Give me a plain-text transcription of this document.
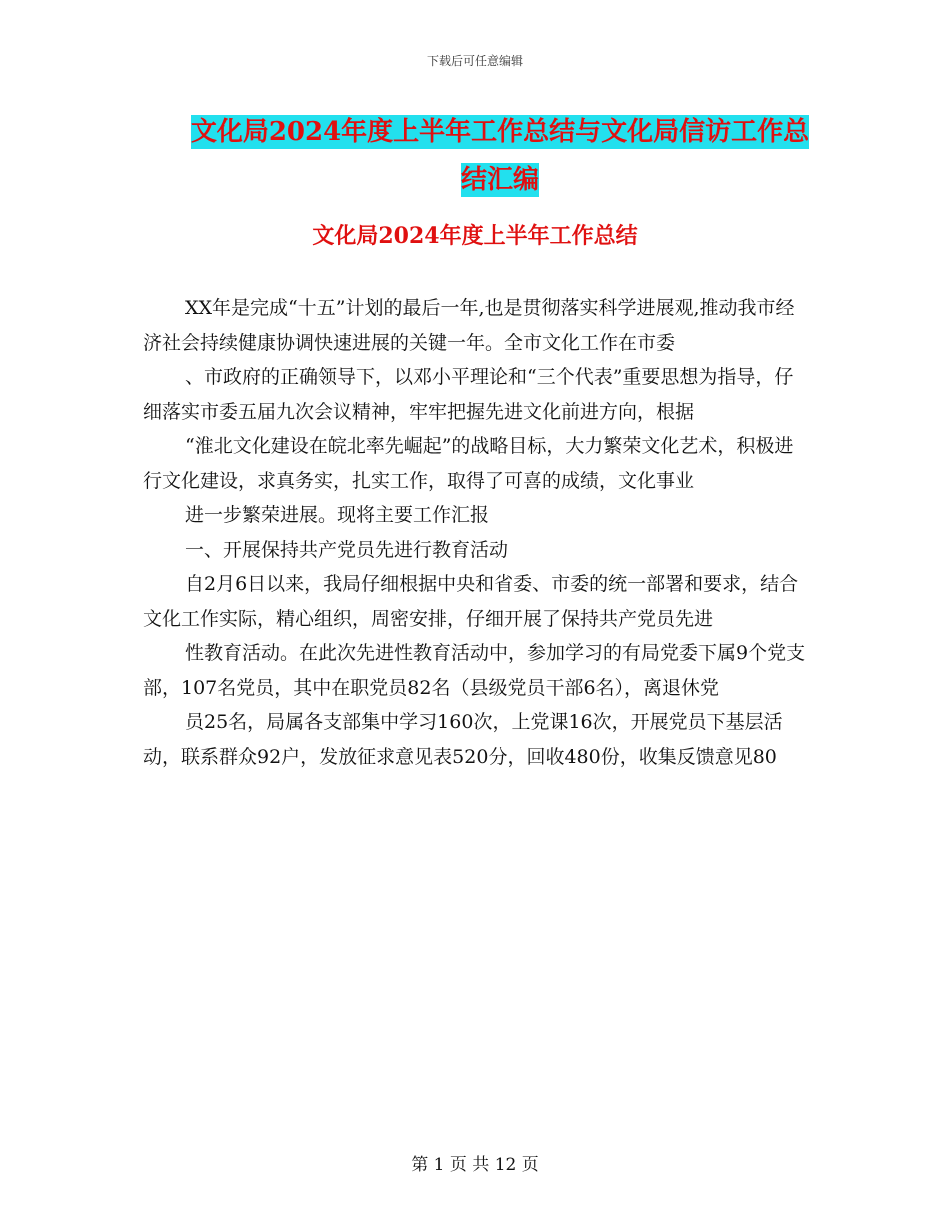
下载后可任意编辑
文化局2024年度上半年工作总结与文化局信访工作总
结汇编
文化局2024年度上半年工作总结

XX年是完成“十五”计划的最后一年,也是贯彻落实科学进展观,推动我市经济社会持续健康协调快速进展的关键一年。全市文化工作在市委

、市政府的正确领导下，以邓小平理论和“三个代表”重要思想为指导，仔细落实市委五届九次会议精神，牢牢把握先进文化前进方向，根据

“淮北文化建设在皖北率先崛起”的战略目标，大力繁荣文化艺术，积极进行文化建设，求真务实，扎实工作，取得了可喜的成绩，文化事业

进一步繁荣进展。现将主要工作汇报

一、开展保持共产党员先进行教育活动

自2月6日以来，我局仔细根据中央和省委、市委的统一部署和要求，结合文化工作实际，精心组织，周密安排，仔细开展了保持共产党员先进

性教育活动。在此次先进性教育活动中，参加学习的有局党委下属9个党支部，107名党员，其中在职党员82名（县级党员干部6名），离退休党

员25名，局属各支部集中学习160次，上党课16次，开展党员下基层活动，联系群众92户，发放征求意见表520分，回收480份，收集反馈意见80

第 1 页 共 12 页
